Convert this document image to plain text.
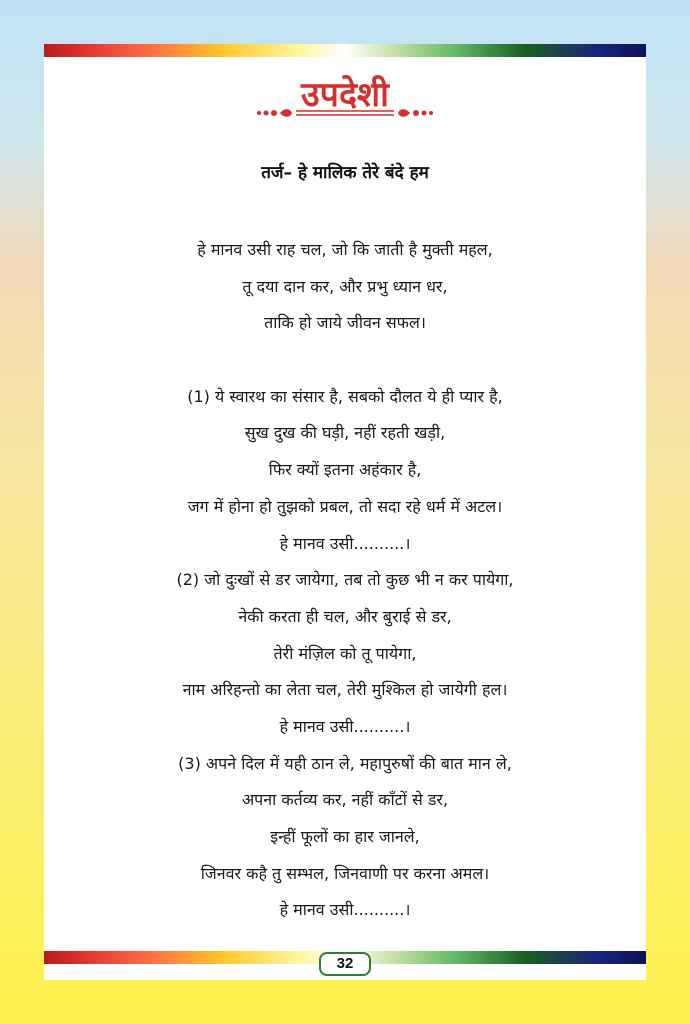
उपदेशी
तर्ज– हे मालिक तेरे बंदे हम
हे मानव उसी राह चल, जो कि जाती है मुक्ती महल,
तू दया दान कर, और प्रभु ध्यान धर,
ताकि हो जाये जीवन सफल।
(1) ये स्वारथ का संसार है, सबको दौलत ये ही प्यार है,
सुख दुख की घड़ी, नहीं रहती खड़ी,
फिर क्यों इतना अहंकार है,
जग में होना हो तुझको प्रबल, तो सदा रहे धर्म में अटल।
हे मानव उसी..........।
(2) जो दुःखों से डर जायेगा, तब तो कुछ भी न कर पायेगा,
नेकी करता ही चल, और बुराई से डर,
तेरी मंज़िल को तू पायेगा,
नाम अरिहन्तो का लेता चल, तेरी मुश्किल हो जायेगी हल।
हे मानव उसी..........।
(3) अपने दिल में यही ठान ले, महापुरुषों की बात मान ले,
अपना कर्तव्य कर, नहीं काँटों से डर,
इन्हीं फूलों का हार जानले,
जिनवर कहै तु सम्भल, जिनवाणी पर करना अमल।
हे मानव उसी..........।
32
